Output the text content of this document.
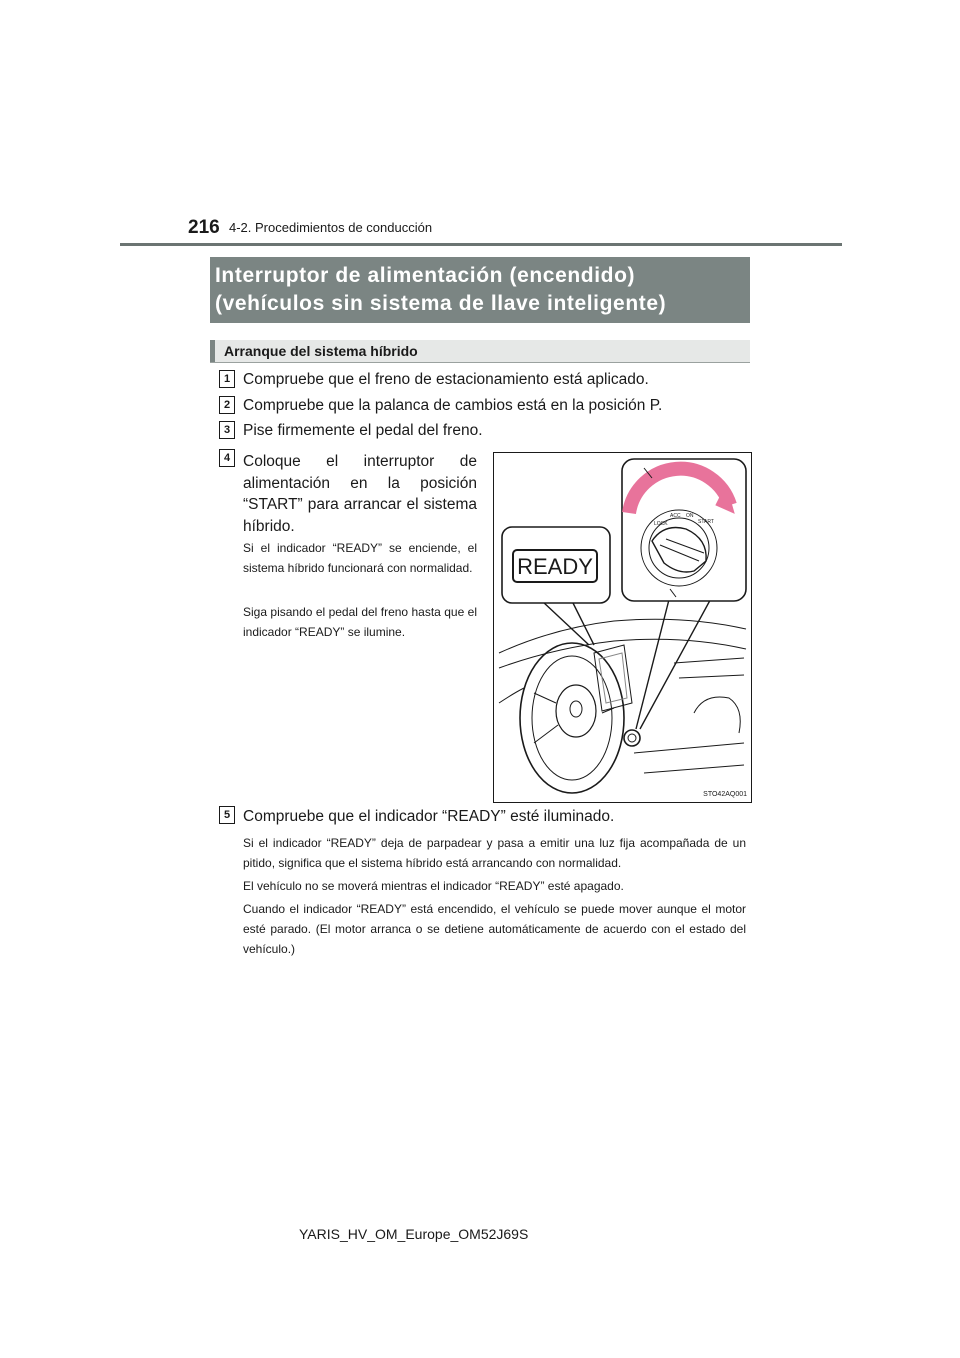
216 4-2. Procedimientos de conducción
Interruptor de alimentación (encendido)
(vehículos sin sistema de llave inteligente)
Arranque del sistema híbrido
1 Compruebe que el freno de estacionamiento está aplicado.
2 Compruebe que la palanca de cambios está en la posición P.
3 Pise firmemente el pedal del freno.
4 Coloque el interruptor de
alimentación en la posición
“START” para arrancar el sistema
híbrido.
Si el indicador “READY” se enciende, el sistema híbrido funcionará con normalidad.
Siga pisando el pedal del freno hasta que el indicador “READY” se ilumine.
READY
LOCK
ACC ON
START
STO42AQ001
5 Compruebe que el indicador “READY” esté iluminado.
Si el indicador “READY” deja de parpadear y pasa a emitir una luz fija acompañada de un pitido, significa que el sistema híbrido está arrancando con normalidad.
El vehículo no se moverá mientras el indicador “READY” esté apagado.
Cuando el indicador “READY” está encendido, el vehículo se puede mover aunque el motor esté parado. (El motor arranca o se detiene automáticamente de acuerdo con el estado del vehículo.)
YARIS_HV_OM_Europe_OM52J69S
